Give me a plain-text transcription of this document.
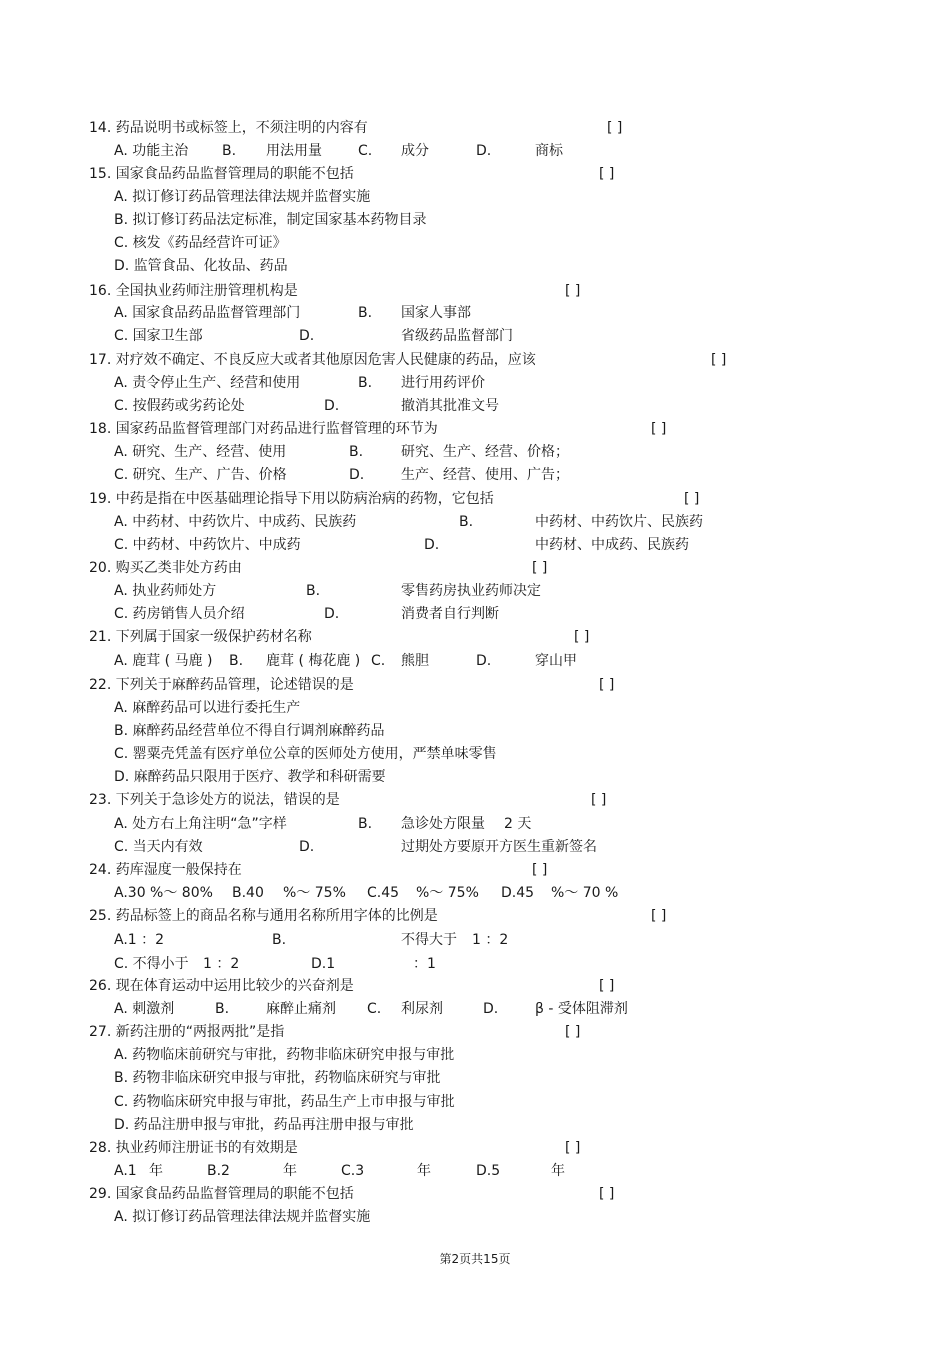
14. 药品说明书或标签上，不须注明的内容有	[ ]
A. 功能主治 B. 用法用量	C. 成分	D.	商标
15. 国家食品药品监督管理局的职能不包括	[ ]
A. 拟订修订药品管理法律法规并监督实施
B. 拟订修订药品法定标准，制定国家基本药物目录
C. 核发《药品经营许可证》
D. 监管食品、化妆品、药品
16. 全国执业药师注册管理机构是	[ ]
A. 国家食品药品监督管理部门	B. 国家人事部
C. 国家卫生部	D.	省级药品监督部门
17. 对疗效不确定、不良反应大或者其他原因危害人民健康的药品，应该	[ ]
A. 责令停止生产、经营和使用	B. 进行用药评价
C. 按假药或劣药论处	D.	撤消其批准文号
18. 国家药品监督管理部门对药品进行监督管理的环节为	[ ]
A. 研究、生产、经营、使用	B.	研究、生产、经营、价格；
C. 研究、生产、广告、价格	D.	生产、经营、使用、广告；
19. 中药是指在中医基础理论指导下用以防病治病的药物，它包括	[ ]
A. 中药材、中药饮片、中成药、民族药	B.	中药材、中药饮片、民族药
C. 中药材、中药饮片、中成药	D.	中药材、中成药、民族药
20. 购买乙类非处方药由	[ ]
A. 执业药师处方	B.	零售药房执业药师决定
C. 药房销售人员介绍	D.	消费者自行判断
21. 下列属于国家一级保护药材名称	[ ]
A. 鹿茸 ( 马鹿 ) B. 鹿茸 ( 梅花鹿 ) C. 熊胆	D.	穿山甲
22. 下列关于麻醉药品管理，论述错误的是	[ ]
A. 麻醉药品可以进行委托生产
B. 麻醉药品经营单位不得自行调剂麻醉药品
C. 罂粟壳凭盖有医疗单位公章的医师处方使用，严禁单味零售
D. 麻醉药品只限用于医疗、教学和科研需要
23. 下列关于急诊处方的说法，错误的是	[ ]
A. 处方右上角注明“急”字样	B. 急诊处方限量 2 天
C. 当天内有效	D.	过期处方要原开方医生重新签名
24. 药库湿度一般保持在	[ ]
A.30 %～ 80% B.40 %～ 75% C.45 %～ 75% D.45 %～ 70 %
25. 药品标签上的商品名称与通用名称所用字体的比例是	[ ]
A.1 ：2	B.	不得大于 1 ：2
C. 不得小于 1 ：2	D.1	：1
26. 现在体育运动中运用比较少的兴奋剂是	[ ]
A. 刺激剂	B.	麻醉止痛剂 C. 利尿剂	D.	β - 受体阻滞剂
27. 新药注册的“两报两批”是指	[ ]
A. 药物临床前研究与审批，药物非临床研究申报与审批
B. 药物非临床研究申报与审批，药物临床研究与审批
C. 药物临床研究申报与审批，药品生产上市申报与审批
D. 药品注册申报与审批，药品再注册申报与审批
28. 执业药师注册证书的有效期是	[ ]
A.1 年	B.2	年	C.3	年	D.5	年
29. 国家食品药品监督管理局的职能不包括	[ ]
A. 拟订修订药品管理法律法规并监督实施
第2页共15页
